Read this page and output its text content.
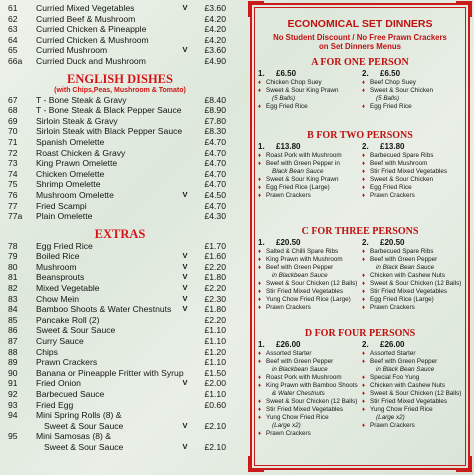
61	Curried Mixed Vegetables	V	£3.60
62	Curried Beef & Mushroom	£4.20
63	Curried Chicken & Pineapple	£4.20
64	Curried Chicken & Mushroom	£4.20
65	Curried Mushroom	V	£3.60
66a	Curried Duck and Mushroom	£4.90
ENGLISH DISHES
(with Chips,Peas, Mushroom & Tomato)
67	T - Bone Steak & Gravy	£8.40
68	T - Bone Steak & Black Pepper Sauce	£8.90
69	Sirloin Steak & Gravy	£7.80
70	Sirloin Steak with Black Pepper Sauce	£8.30
71	Spanish Omelette	£4.70
72	Roast Chicken & Gravy	£4.70
73	King Prawn Omelette	£4.70
74	Chicken Omelette	£4.70
75	Shrimp Omelette	£4.70
76	Mushroom Omelette	V	£4.50
77	Fried Scampi	£4.70
77a	Plain Omelette	£4.30
EXTRAS
78	Egg Fried Rice	£1.70
79	Boiled Rice	V	£1.60
80	Mushroom	V	£2.20
81	Beansprouts	V	£1.80
82	Mixed Vegetable	V	£2.20
83	Chow Mein	V	£2.30
84	Bamboo Shoots & Water Chestnuts	V	£1.80
85	Pancake Roll (2)	£2.20
86	Sweet & Sour Sauce	£1.10
87	Curry Sauce	£1.10
88	Chips	£1.20
89	Prawn Crackers	£1.10
90	Banana or Pineapple Fritter with Syrup £1.50
91	Fried Onion	V	£2.00
92	Barbecued Sauce	£1.10
93	Fried Egg	£0.60
94	Mini Spring Rolls (8) &
Sweet & Sour Sauce	V	£2.10
95	Mini Samosas (8) &
Sweet & Sour Sauce	V	£2.10
ECONOMICAL SET DINNERS
No Student Discount / No Free Prawn Crackers
on Set Dinners Menus
A FOR ONE PERSON
1. £6.50
♦ Chicken Chop Suey
♦ Sweet & Sour King Prawn
(5 Balls)
♦ Egg Fried Rice
2. £6.50
♦ Beef Chop Suey
♦ Sweet & Sour Chicken
(5 Balls)
♦ Egg Fried Rice
B FOR TWO PERSONS
1. £13.80
♦ Roast Pork with Mushroom
♦ Beef with Green Pepper in
Black Bean Sauce
♦ Sweet & Sour King Prawn
♦ Egg Fried Rice (Large)
♦ Prawn Crackers
2. £13.80
♦ Barbecued Spare Ribs
♦ Beef with Mushroom
♦ Stir Fried Mixed Vegetables
♦ Sweet & Sour Chicken
♦ Egg Fried Rice
♦ Prawn Crackers
C FOR THREE PERSONS
1. £20.50
♦ Salted & Chilli Spare Ribs
♦ King Prawn with Mushroom
♦ Beef with Green Pepper
in Blackbean Sauce
♦ Sweet & Sour Chicken (12 Balls)
♦ Stir Fried Mixed Vegetables
♦ Yung Chow Fried Rice (Large)
♦ Prawn Crackers
2. £20.50
♦ Barbecued Spare Ribs
♦ Beef with Green Pepper
in Black Bean Sauce
♦ Chicken with Cashew Nuts
♦ Sweet & Sour Chicken (12 Balls)
♦ Stir Fried Mixed Vegetables
♦ Egg Fried Rice (Large)
♦ Prawn Crackers
D FOR FOUR PERSONS
1. £26.00
♦ Assorted Starter
♦ Beef with Green Pepper
in Blackbean Sauce
♦ Roast Pork with Mushroom
♦ King Prawn with Bamboo Shoots
& Water Chestnuts
♦ Sweet & Sour Chicken (12 Balls)
♦ Stir Fried Mixed Vegetables
♦ Yung Chow Fried Rice
(Large x2)
♦ Prawn Crackers
2. £26.00
♦ Assorted Starter
♦ Beef with Green Pepper
in Black Bean Sauce
♦ Special Foo Yung
♦ Chicken with Cashew Nuts
♦ Sweet & Sour Chicken (12 Balls)
♦ Stir Fried Mixed Vegetables
♦ Yung Chow Fried Rice
(Large x2)
♦ Prawn Crackers
